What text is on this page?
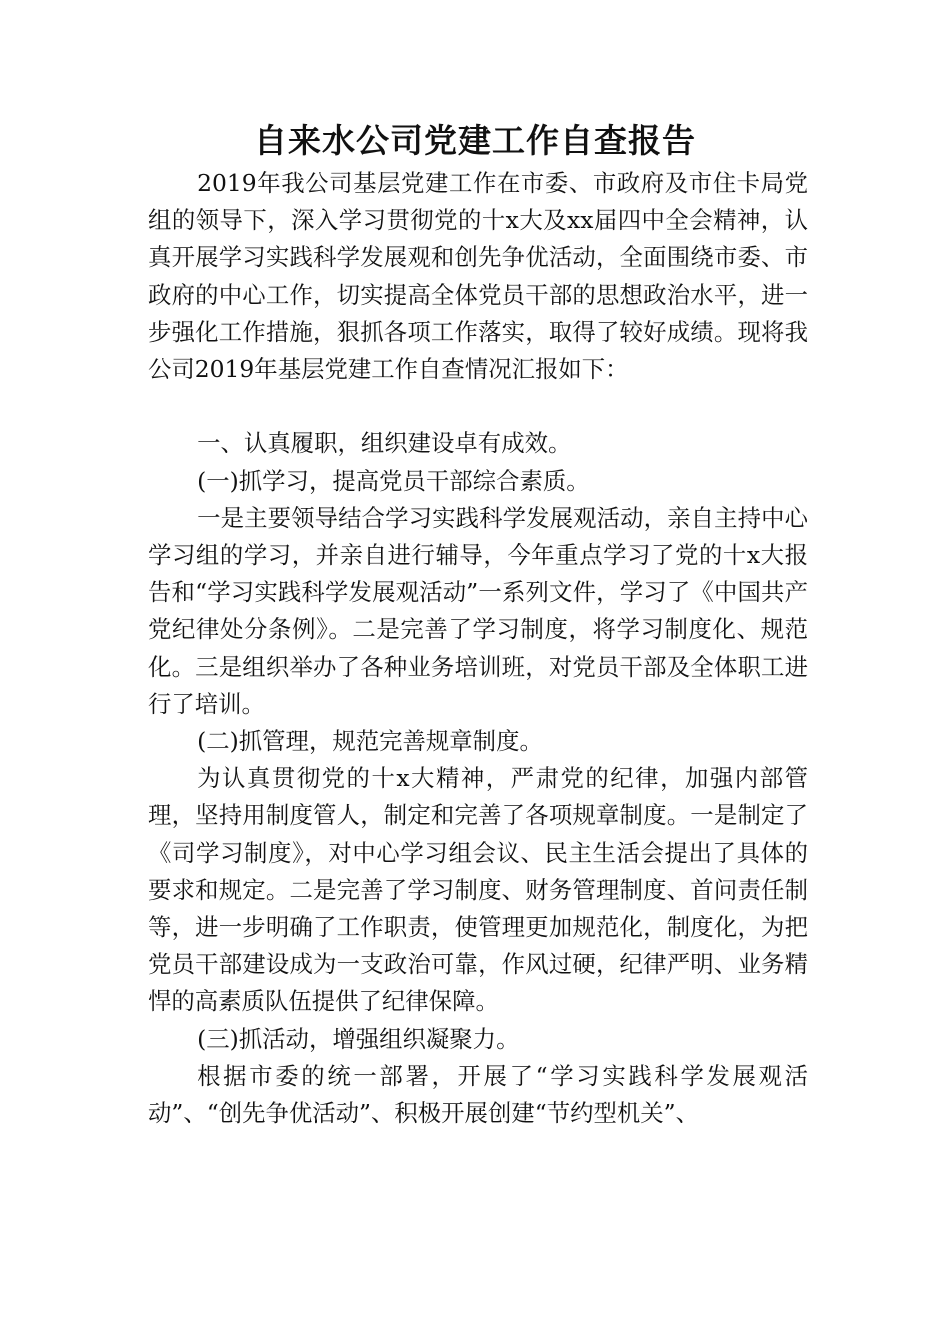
自来水公司党建工作自查报告

2019年我公司基层党建工作在市委、市政府及市住卡局党组的领导下，深入学习贯彻党的十x大及xx届四中全会精神，认真开展学习实践科学发展观和创先争优活动，全面围绕市委、市政府的中心工作，切实提高全体党员干部的思想政治水平，进一步强化工作措施，狠抓各项工作落实，取得了较好成绩。现将我公司2019年基层党建工作自查情况汇报如下：

一、认真履职，组织建设卓有成效。

(一)抓学习，提高党员干部综合素质。

一是主要领导结合学习实践科学发展观活动，亲自主持中心学习组的学习，并亲自进行辅导，今年重点学习了党的十x大报告和“学习实践科学发展观活动”一系列文件，学习了《中国共产党纪律处分条例》。二是完善了学习制度，将学习制度化、规范化。三是组织举办了各种业务培训班，对党员干部及全体职工进行了培训。

(二)抓管理，规范完善规章制度。

为认真贯彻党的十x大精神，严肃党的纪律，加强内部管理，坚持用制度管人，制定和完善了各项规章制度。一是制定了《司学习制度》，对中心学习组会议、民主生活会提出了具体的要求和规定。二是完善了学习制度、财务管理制度、首问责任制等，进一步明确了工作职责，使管理更加规范化，制度化，为把党员干部建设成为一支政治可靠，作风过硬，纪律严明、业务精悍的高素质队伍提供了纪律保障。

(三)抓活动，增强组织凝聚力。

根据市委的统一部署，开展了“学习实践科学发展观活动”、“创先争优活动”、积极开展创建“节约型机关”、
